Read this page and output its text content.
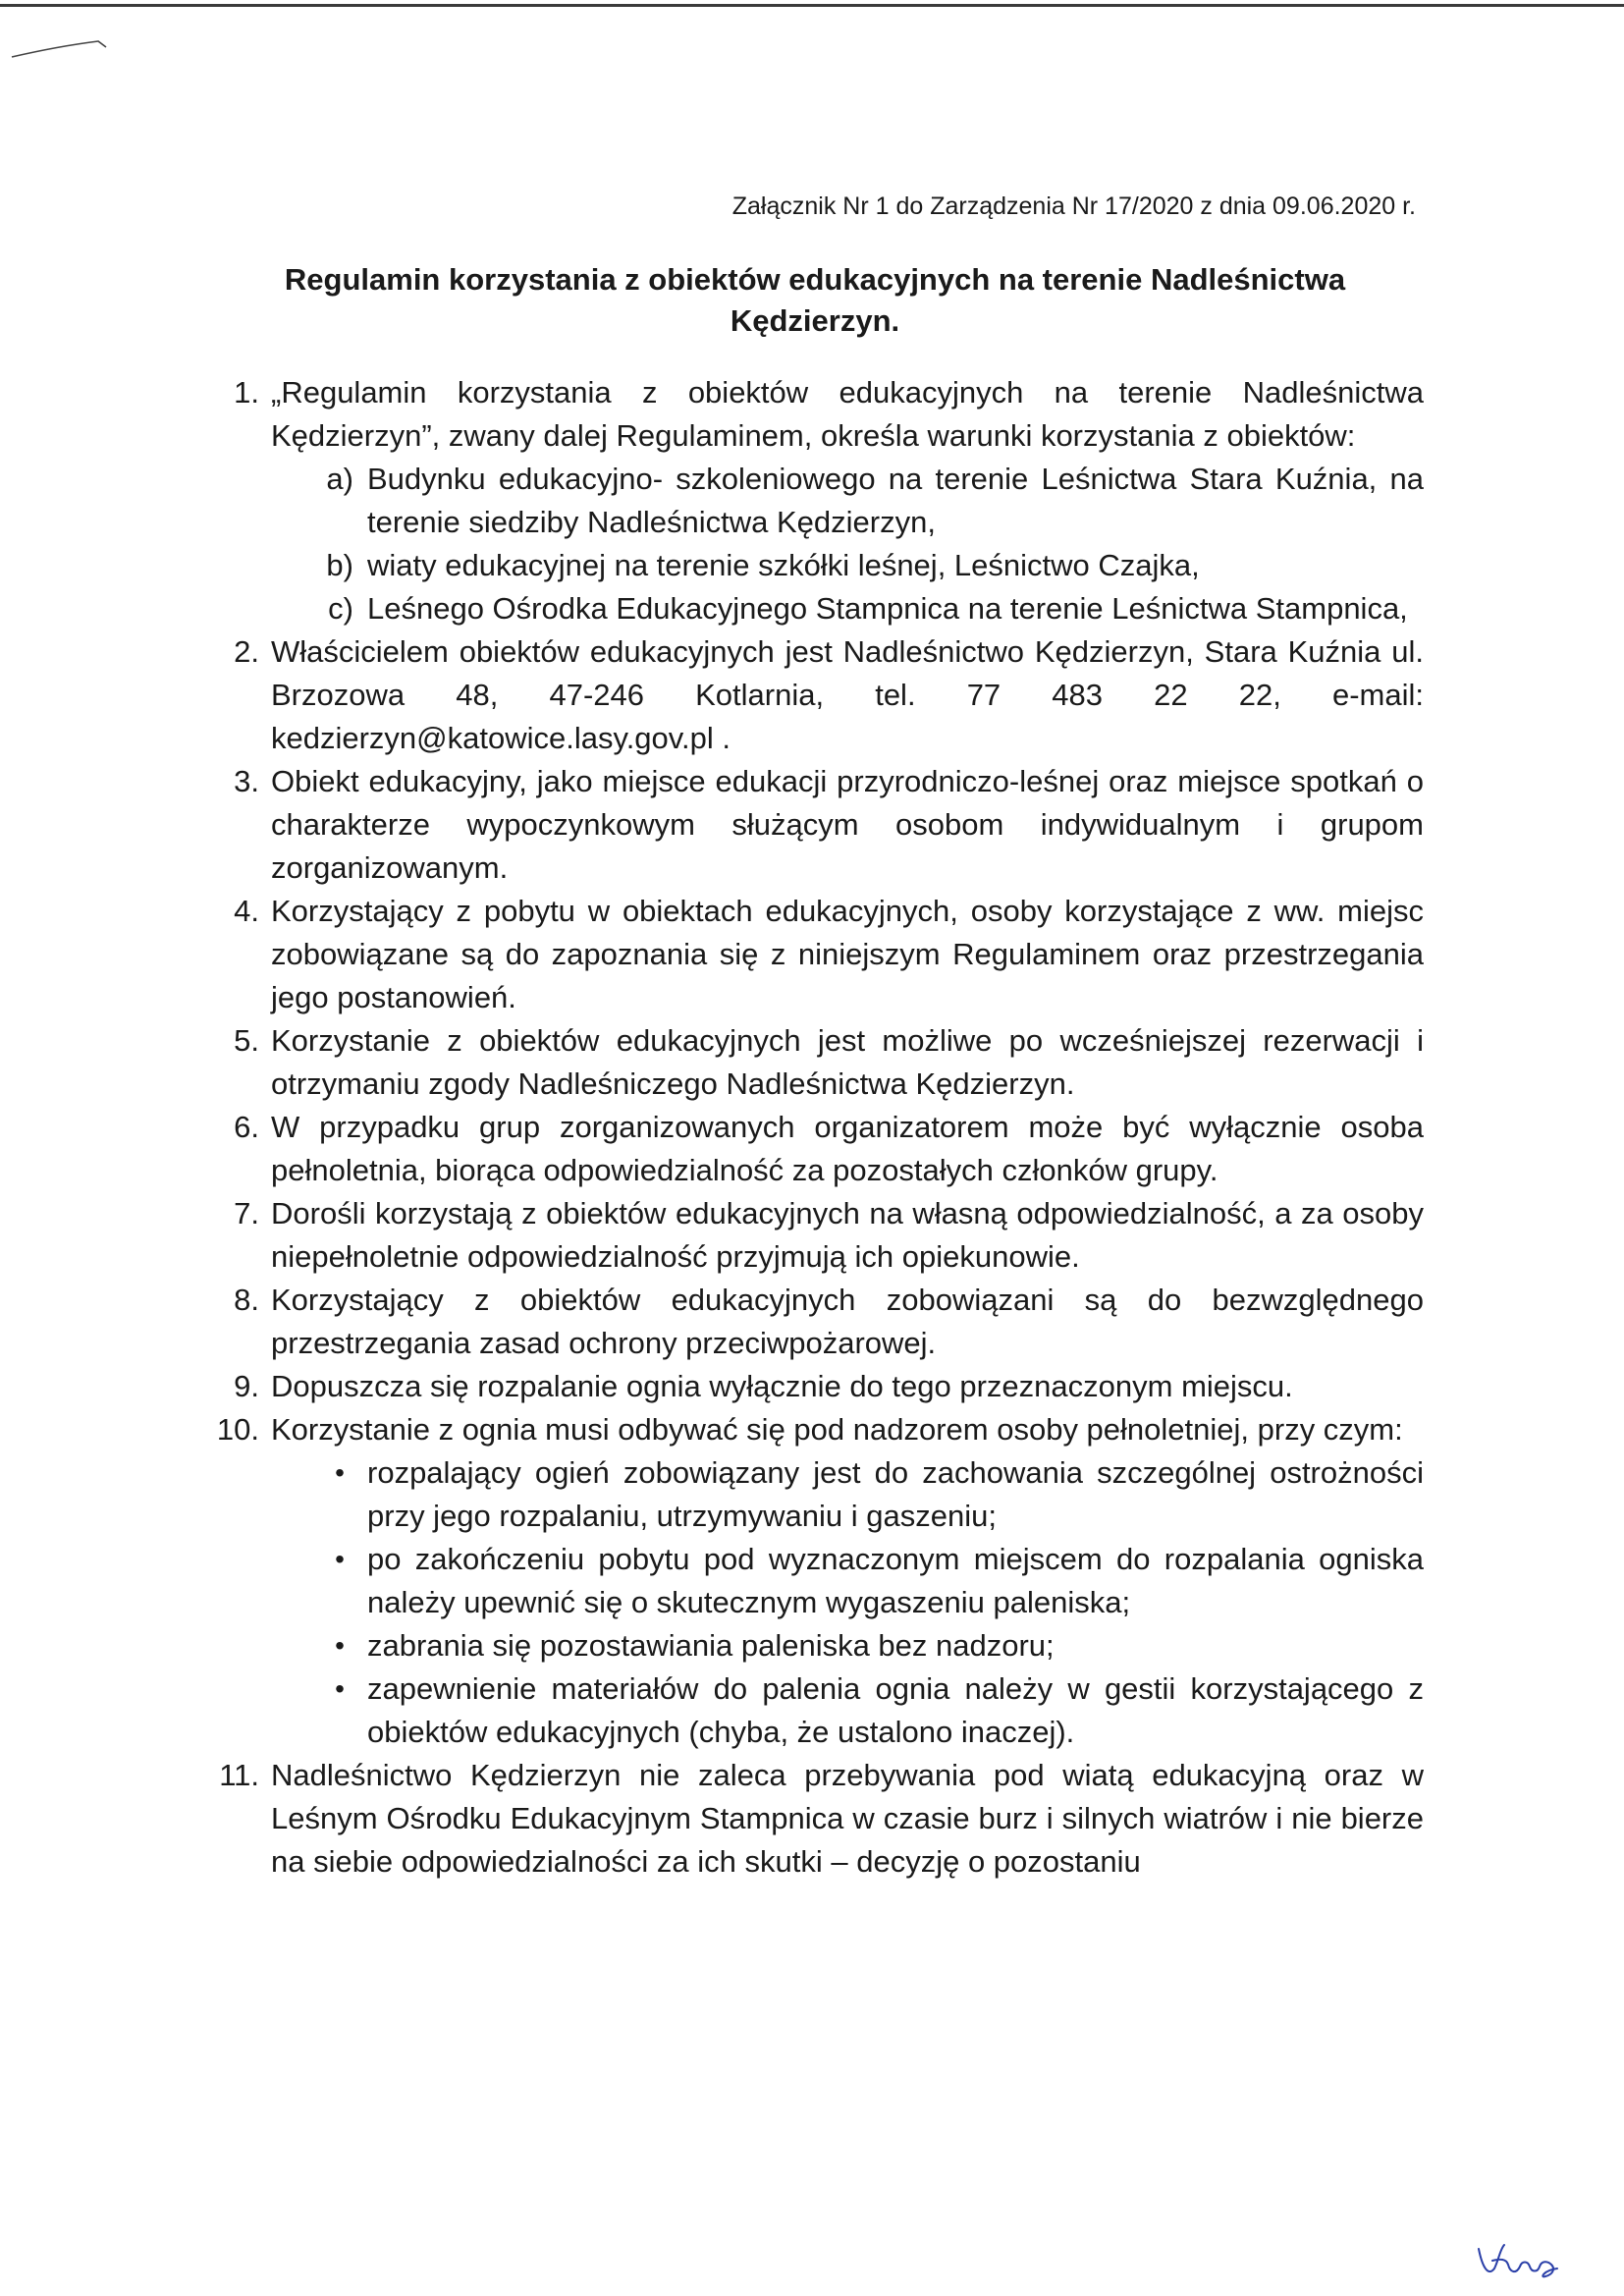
Załącznik Nr 1 do Zarządzenia Nr 17/2020 z dnia 09.06.2020 r.
Regulamin korzystania z obiektów edukacyjnych na terenie Nadleśnictwa Kędzierzyn.
1. „Regulamin korzystania z obiektów edukacyjnych na terenie Nadleśnictwa Kędzierzyn”, zwany dalej Regulaminem, określa warunki korzystania z obiektów:
a) Budynku edukacyjno- szkoleniowego na terenie Leśnictwa Stara Kuźnia, na terenie siedziby Nadleśnictwa Kędzierzyn,
b) wiaty edukacyjnej na terenie szkółki leśnej, Leśnictwo Czajka,
c) Leśnego Ośrodka Edukacyjnego Stampnica na terenie Leśnictwa Stampnica,
2. Właścicielem obiektów edukacyjnych jest Nadleśnictwo Kędzierzyn, Stara Kuźnia ul. Brzozowa 48, 47-246 Kotlarnia, tel. 77 483 22 22, e-mail: kedzierzyn@katowice.lasy.gov.pl .
3. Obiekt edukacyjny, jako miejsce edukacji przyrodniczo-leśnej oraz miejsce spotkań o charakterze wypoczynkowym służącym osobom indywidualnym i grupom zorganizowanym.
4. Korzystający z pobytu w obiektach edukacyjnych, osoby korzystające z ww. miejsc zobowiązane są do zapoznania się z niniejszym Regulaminem oraz przestrzegania jego postanowień.
5. Korzystanie z obiektów edukacyjnych jest możliwe po wcześniejszej rezerwacji i otrzymaniu zgody Nadleśniczego Nadleśnictwa Kędzierzyn.
6. W przypadku grup zorganizowanych organizatorem może być wyłącznie osoba pełnoletnia, biorąca odpowiedzialność za pozostałych członków grupy.
7. Dorośli korzystają z obiektów edukacyjnych na własną odpowiedzialność, a za osoby niepełnoletnie odpowiedzialność przyjmują ich opiekunowie.
8. Korzystający z obiektów edukacyjnych zobowiązani są do bezwzględnego przestrzegania zasad ochrony przeciwpożarowej.
9. Dopuszcza się rozpalanie ognia wyłącznie do tego przeznaczonym miejscu.
10. Korzystanie z ognia musi odbywać się pod nadzorem osoby pełnoletniej, przy czym:
• rozpalający ogień zobowiązany jest do zachowania szczególnej ostrożności przy jego rozpalaniu, utrzymywaniu i gaszeniu;
• po zakończeniu pobytu pod wyznaczonym miejscem do rozpalania ogniska należy upewnić się o skutecznym wygaszeniu paleniska;
• zabrania się pozostawiania paleniska bez nadzoru;
• zapewnienie materiałów do palenia ognia należy w gestii korzystającego z obiektów edukacyjnych (chyba, że ustalono inaczej).
11. Nadleśnictwo Kędzierzyn nie zaleca przebywania pod wiatą edukacyjną oraz w Leśnym Ośrodku Edukacyjnym Stampnica w czasie burz i silnych wiatrów i nie bierze na siebie odpowiedzialności za ich skutki – decyzję o pozostaniu
